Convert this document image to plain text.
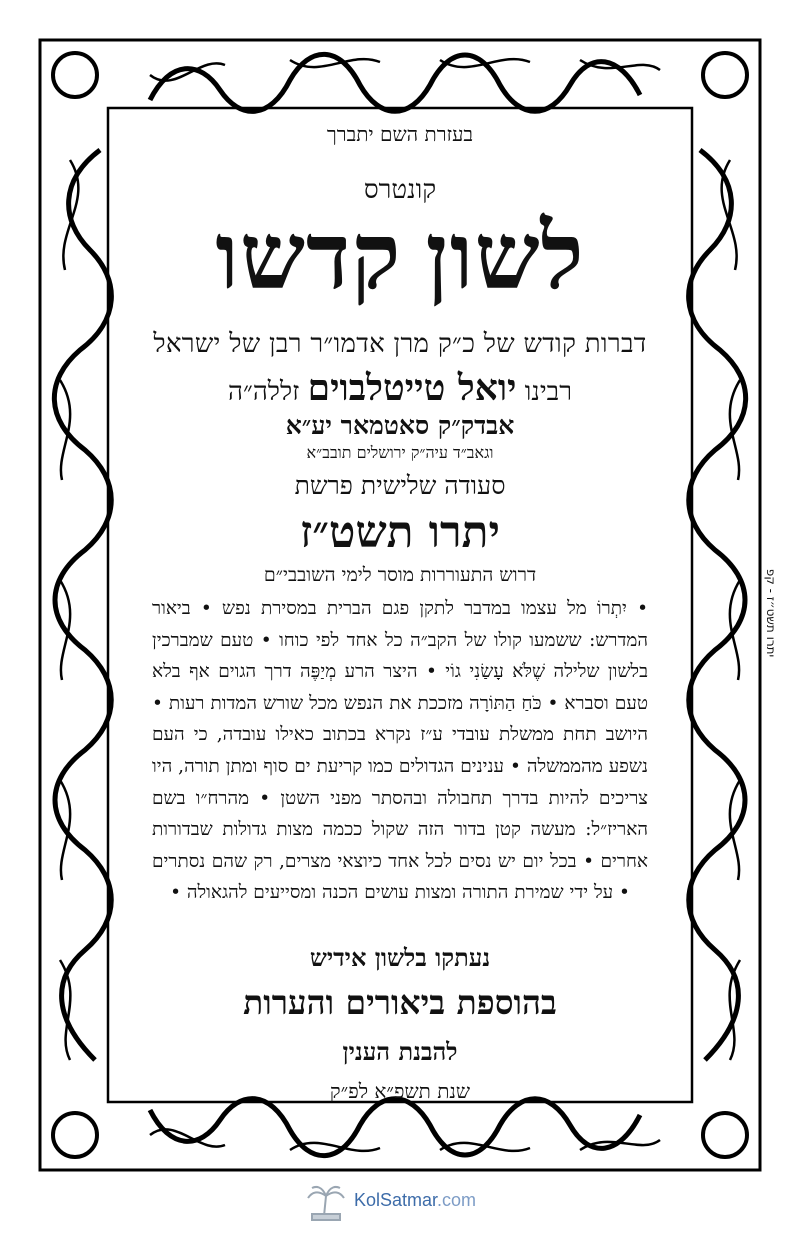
בעזרת השם יתברך

קונטרס

לשון קדשו

דברות קודש של כ״ק מרן אדמו״ר רבן של ישראל

רבינו יואל טייטלבוים זללה״ה

אבדק״ק סאטמאר יע״א

וגאב״ד עיה״ק ירושלים תובב״א

סעודה שלישית פרשת

יתרו תשט״ז

דרוש התעוררות מוסר לימי השובבי״ם

• יִתְרוֹ מל עצמו במדבר לתקן פגם הברית במסירת נפש • ביאור המדרש: ששמעו קולו של הקב״ה כל אחד לפי כוחו • טעם שמברכין בלשון שלילה שֶׁלֹּא עָשַׂנִי גוֹי • היצר הרע מְיַפֶּה דרך הגוים אף בלא טעם וסברא • כֹּחַ הַתּוֹרָה מזככת את הנפש מכל שורש המדות רעות • היושב תחת ממשלת עובדי ע״ז נקרא בכתוב כאילו עובדה, כי העם נשפע מהממשלה • ענינים הגדולים כמו קריעת ים סוף ומתן תורה, היו צריכים להיות בדרך תחבולה ובהסתר מפני השטן • מהרח״ו בשם האריז״ל: מעשה קטן בדור הזה שקול ככמה מצות גדולות שבדורות אחרים • בכל יום יש נסים לכל אחד כיוצאי מצרים, רק שהם נסתרים • על ידי שמירת התורה ומצות עושים הכנה ומסייעים להגאולה •

נעתקו בלשון אידיש

בהוספת ביאורים והערות

להבנת הענין

שנת תשפ״א לפ״ק

יתרו תשט״ז - קפ
KolSatmar.com
